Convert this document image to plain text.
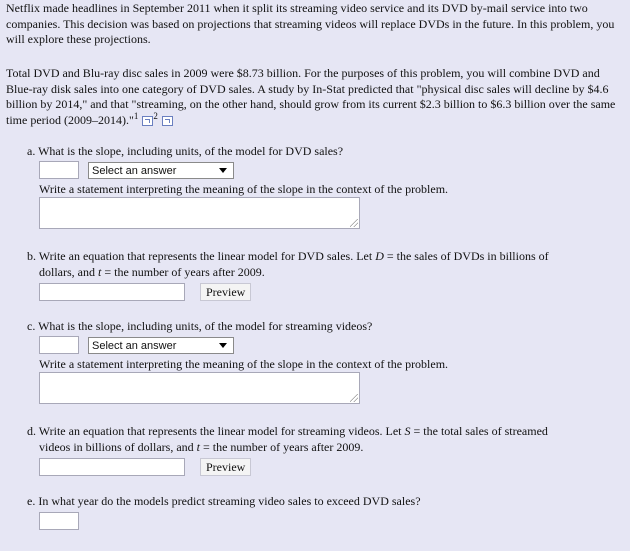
Netflix made headlines in September 2011 when it split its streaming video service and its DVD by-mail service into two companies. This decision was based on projections that streaming videos will replace DVDs in the future. In this problem, you will explore these projections.
Total DVD and Blu-ray disc sales in 2009 were $8.73 billion. For the purposes of this problem, you will combine DVD and Blue-ray disk sales into one category of DVD sales. A study by In-Stat predicted that "physical disc sales will decline by $4.6 billion by 2014," and that "streaming, on the other hand, should grow from its current $2.3 billion to $6.3 billion over the same time period (2009–2014)."$^1$ $^2$
a. What is the slope, including units, of the model for DVD sales?
Select an answer
Write a statement interpreting the meaning of the slope in the context of the problem.
b. Write an equation that represents the linear model for DVD sales. Let D = the sales of DVDs in billions of
dollars, and t = the number of years after 2009.
Preview
c. What is the slope, including units, of the model for streaming videos?
Select an answer
Write a statement interpreting the meaning of the slope in the context of the problem.
d. Write an equation that represents the linear model for streaming videos. Let S = the total sales of streamed
videos in billions of dollars, and t = the number of years after 2009.
Preview
e. In what year do the models predict streaming video sales to exceed DVD sales?
